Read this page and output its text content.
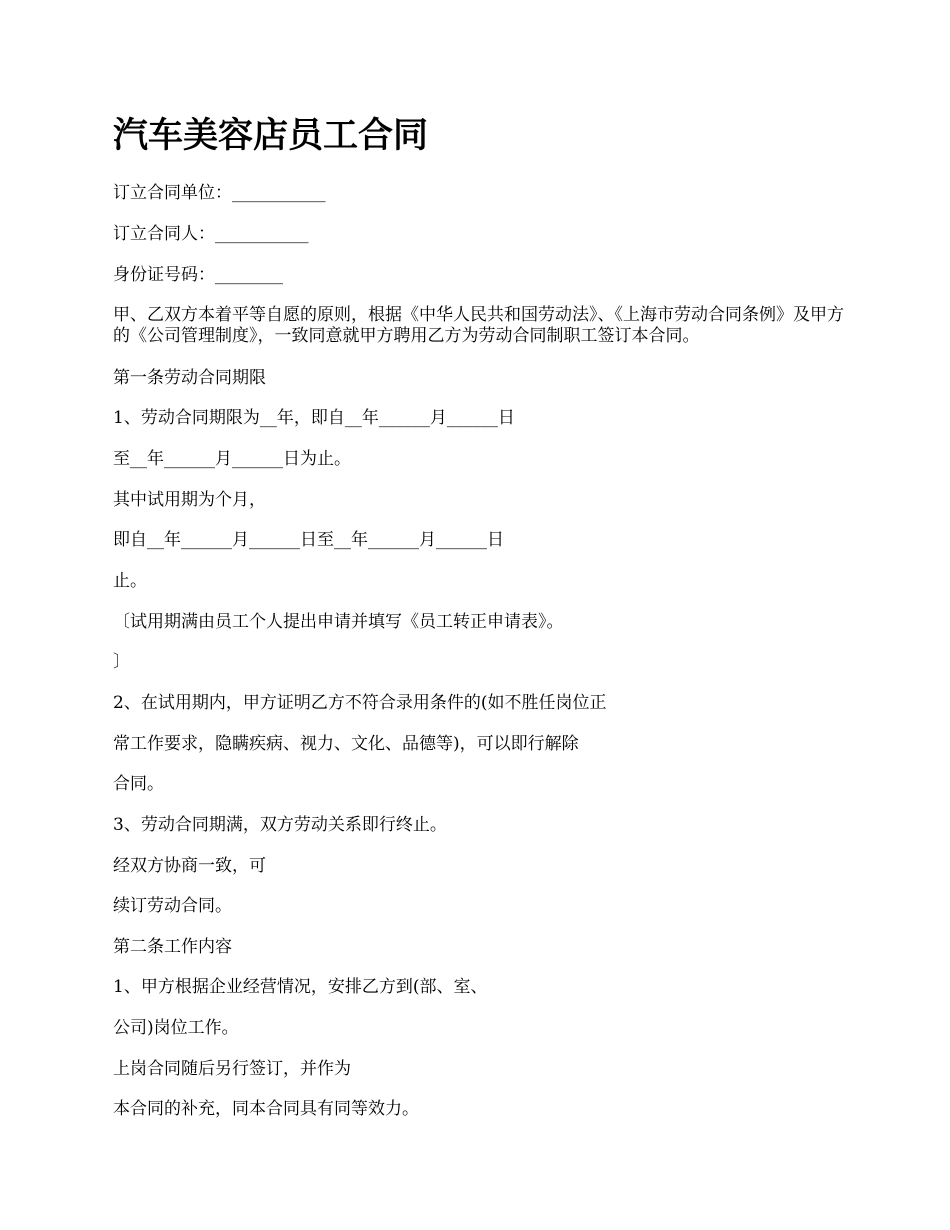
汽车美容店员工合同

订立合同单位：___________

订立合同人：___________

身份证号码：________

甲、乙双方本着平等自愿的原则，根据《中华人民共和国劳动法》、《上海市劳动合同条例》及甲方的《公司管理制度》，一致同意就甲方聘用乙方为劳动合同制职工签订本合同。

第一条劳动合同期限

1、劳动合同期限为__年，即自__年______月______日

至__年______月______日为止。

其中试用期为个月，

即自__年______月______日至__年______月______日

止。

〔试用期满由员工个人提出申请并填写《员工转正申请表》。

〕

2、在试用期内，甲方证明乙方不符合录用条件的(如不胜任岗位正

常工作要求，隐瞒疾病、视力、文化、品德等)，可以即行解除

合同。

3、劳动合同期满，双方劳动关系即行终止。

经双方协商一致，可

续订劳动合同。

第二条工作内容

1、甲方根据企业经营情况，安排乙方到(部、室、

公司)岗位工作。

上岗合同随后另行签订，并作为

本合同的补充，同本合同具有同等效力。
